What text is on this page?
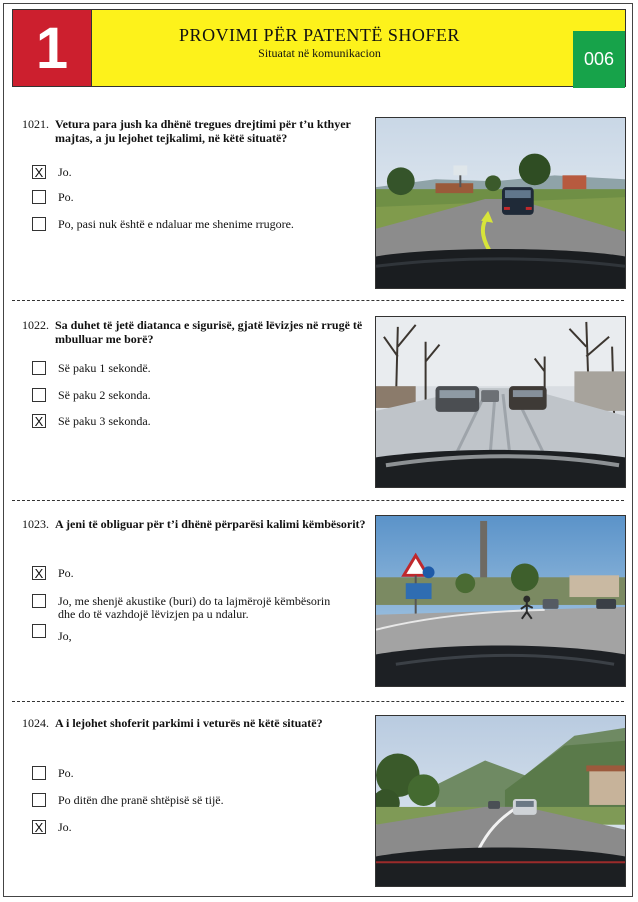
1	PROVIMI PËR PATENTË SHOFER
Situatat në komunikacion	006
1021. Vetura para jush ka dhënë tregues drejtimi për t’u kthyer majtas, a ju lejohet tejkalimi, në këtë situatë?
X Jo.
Po.
Po, pasi nuk është e ndaluar me shenime rrugore.
1022. Sa duhet të jetë diatanca e sigurisë, gjatë lëvizjes në rrugë të mbulluar me borë?
Së paku 1 sekondë.
Së paku 2 sekonda.
X Së paku 3 sekonda.
1023. A jeni të obliguar për t’i dhënë përparësi kalimi këmbësorit?
X Po.
Jo, me shenjë akustike (buri) do ta lajmërojë këmbësorin dhe do të vazhdojë lëvizjen pa u ndalur.
Jo,
1024. A i lejohet shoferit parkimi i veturës në këtë situatë?
Po.
Po ditën dhe pranë shtëpisë së tijë.
X Jo.
